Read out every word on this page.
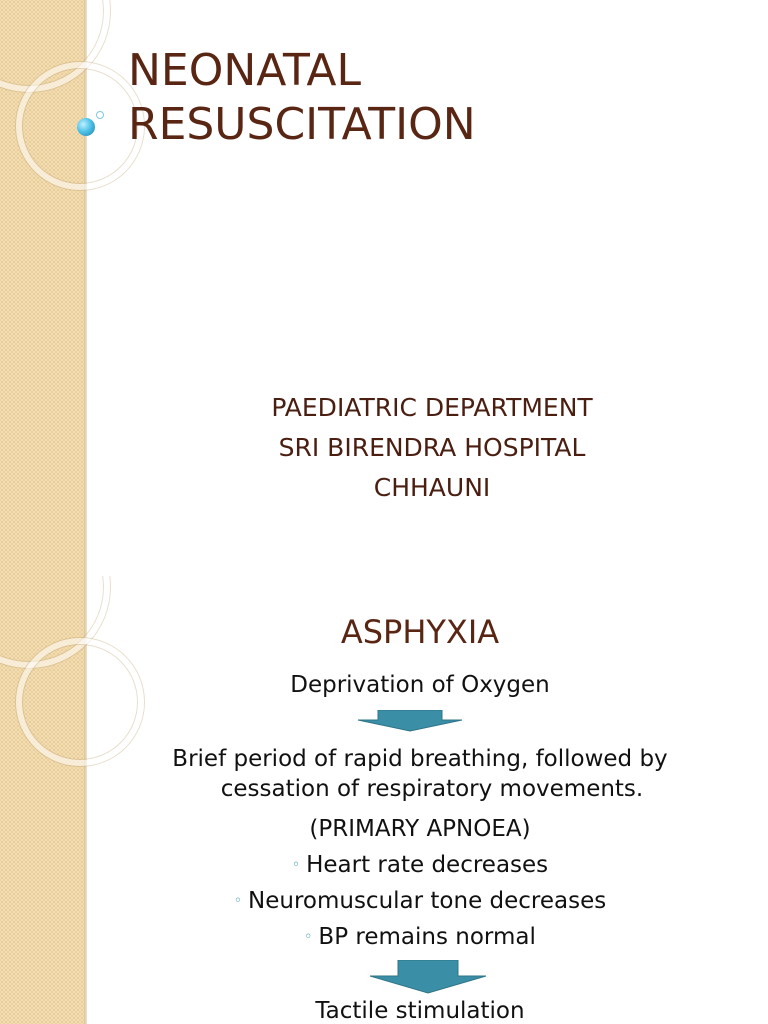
NEONATAL
RESUSCITATION
PAEDIATRIC DEPARTMENT
SRI BIRENDRA HOSPITAL
CHHAUNI
ASPHYXIA
Deprivation of Oxygen
Brief period of rapid breathing, followed by
cessation of respiratory movements.
(PRIMARY APNOEA)
◦ Heart rate decreases
◦ Neuromuscular tone decreases
◦ BP remains normal
Tactile stimulation
